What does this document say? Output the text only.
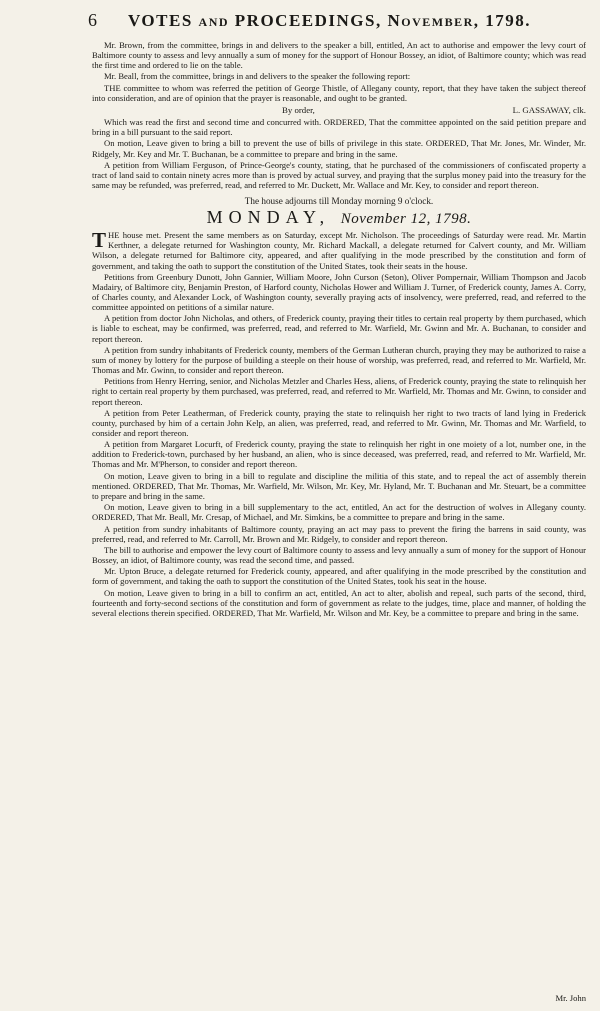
6	VOTES and PROCEEDINGS, November, 1798.

Mr. Brown, from the committee, brings in and delivers to the speaker a bill, entitled, An act to authorise and empower the levy court of Baltimore county to assess and levy annually a sum of money for the support of Honour Bossey, an idiot, of Baltimore county; which was read the first time and ordered to lie on the table.

Mr. Beall, from the committee, brings in and delivers to the speaker the following report:

THE committee to whom was referred the petition of George Thistle, of Allegany county, report, that they have taken the subject thereof into consideration, and are of opinion that the prayer is reasonable, and ought to be granted.

By order,	L. GASSAWAY, clk.

Which was read the first and second time and concurred with. ORDERED, That the committee appointed on the said petition prepare and bring in a bill pursuant to the said report.

On motion, Leave given to bring a bill to prevent the use of bills of privilege in this state. ORDERED, That Mr. Jones, Mr. Winder, Mr. Ridgely, Mr. Key and Mr. T. Buchanan, be a committee to prepare and bring in the same.

A petition from William Ferguson, of Prince-George's county, stating, that he purchased of the commissioners of confiscated property a tract of land said to contain ninety acres more than is proved by actual survey, and praying that the surplus money paid into the treasury for the same may be refunded, was preferred, read, and referred to Mr. Duckett, Mr. Wallace and Mr. Key, to consider and report thereon.

The house adjourns till Monday morning 9 o'clock.
MONDAY, November 12, 1798.

THE house met. Present the same members as on Saturday, except Mr. Nicholson. The proceedings of Saturday were read. Mr. Martin Kerthner, a delegate returned for Washington county, Mr. Richard Mackall, a delegate returned for Calvert county, and Mr. William Wilson, a delegate returned for Baltimore city, appeared, and after qualifying in the mode prescribed by the constitution and form of government, and taking the oath to support the constitution of the United States, took their seats in the house.

Petitions from Greenbury Dunott, John Gannier, William Moore, John Curson (Seton), Oliver Pompernair, William Thompson and Jacob Madairy, of Baltimore city, Benjamin Preston, of Harford county, Nicholas Hower and William J. Turner, of Frederick county, James A. Corry, of Charles county, and Alexander Lock, of Washington county, severally praying acts of insolvency, were preferred, read, and referred to the committee appointed on petitions of a similar nature.

A petition from doctor John Nicholas, and others, of Frederick county, praying their titles to certain real property by them purchased, which is liable to escheat, may be confirmed, was preferred, read, and referred to Mr. Warfield, Mr. Gwinn and Mr. A. Buchanan, to consider and report thereon.

A petition from sundry inhabitants of Frederick county, members of the German Lutheran church, praying they may be authorized to raise a sum of money by lottery for the purpose of building a steeple on their house of worship, was preferred, read, and referred to Mr. Warfield, Mr. Thomas and Mr. Gwinn, to consider and report thereon.

Petitions from Henry Herring, senior, and Nicholas Metzler and Charles Hess, aliens, of Frederick county, praying the state to relinquish her right to certain real property by them purchased, was preferred, read, and referred to Mr. Warfield, Mr. Thomas and Mr. Gwinn, to consider and report thereon.

A petition from Peter Leatherman, of Frederick county, praying the state to relinquish her right to two tracts of land lying in Frederick county, purchased by him of a certain John Kelp, an alien, was preferred, read, and referred to Mr. Gwinn, Mr. Thomas and Mr. Warfield, to consider and report thereon.

A petition from Margaret Locurft, of Frederick county, praying the state to relinquish her right in one moiety of a lot, number one, in the addition to Frederick-town, purchased by her husband, an alien, who is since deceased, was preferred, read, and referred to Mr. Warfield, Mr. Thomas and Mr. M'Pherson, to consider and report thereon.

On motion, Leave given to bring in a bill to regulate and discipline the militia of this state, and to repeal the act of assembly therein mentioned. ORDERED, That Mr. Thomas, Mr. Warfield, Mr. Wilson, Mr. Key, Mr. Hyland, Mr. T. Buchanan and Mr. Steuart, be a committee to prepare and bring in the same.

On motion, Leave given to bring in a bill supplementary to the act, entitled, An act for the destruction of wolves in Allegany county. ORDERED, That Mr. Beall, Mr. Cresap, of Michael, and Mr. Simkins, be a committee to prepare and bring in the same.

A petition from sundry inhabitants of Baltimore county, praying an act may pass to prevent the firing the barrens in said county, was preferred, read, and referred to Mr. Carroll, Mr. Brown and Mr. Ridgely, to consider and report thereon.

The bill to authorise and empower the levy court of Baltimore county to assess and levy annually a sum of money for the support of Honour Bossey, an idiot, of Baltimore county, was read the second time, and passed.

Mr. Upton Bruce, a delegate returned for Frederick county, appeared, and after qualifying in the mode prescribed by the constitution and form of government, and taking the oath to support the constitution of the United States, took his seat in the house.

On motion, Leave given to bring in a bill to confirm an act, entitled, An act to alter, abolish and repeal, such parts of the second, third, fourteenth and forty-second sections of the constitution and form of government as relate to the judges, time, place and manner, of holding the several elections therein specified. ORDERED, That Mr. Warfield, Mr. Wilson and Mr. Key, be a committee to prepare and bring in the same.

Mr. John
